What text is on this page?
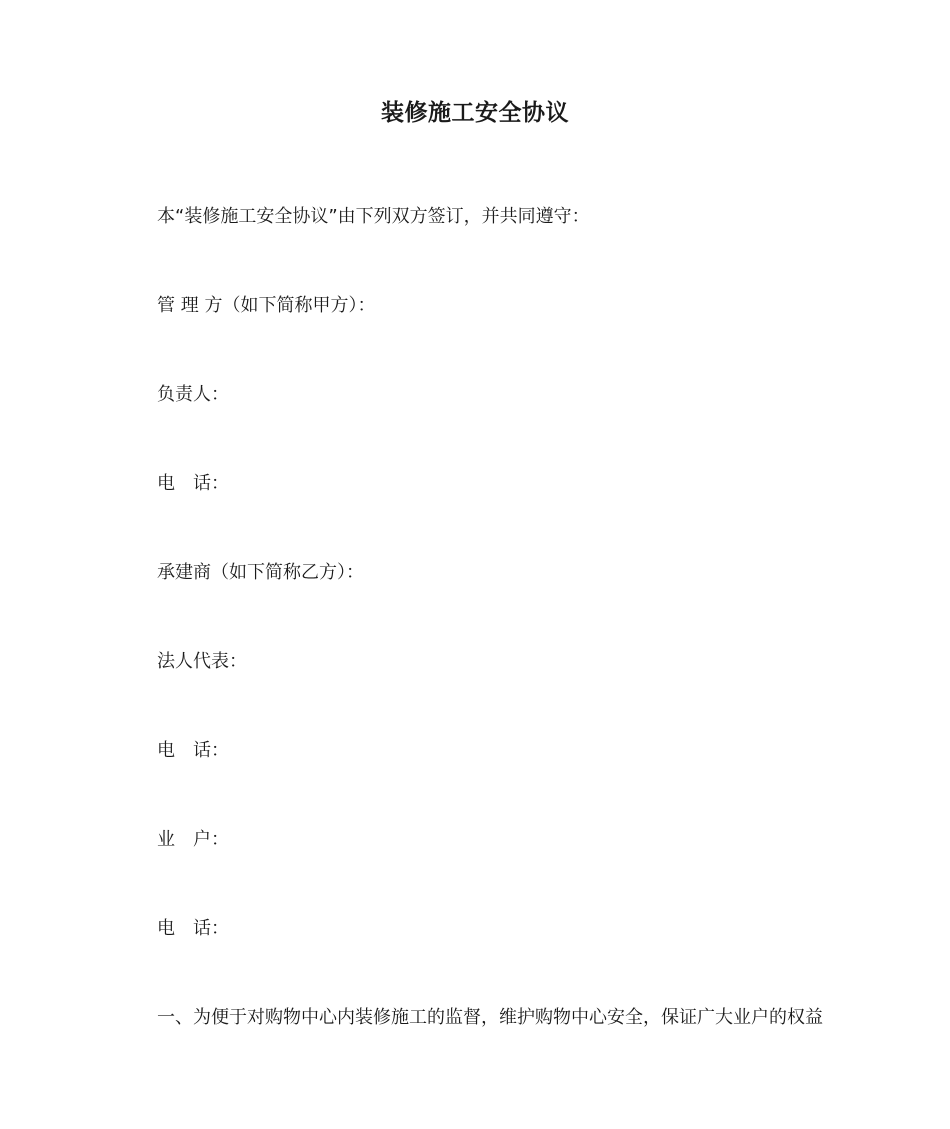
装修施工安全协议
本“装修施工安全协议”由下列双方签订，并共同遵守：
管 理 方（如下简称甲方）：
负责人：
电　话：
承建商（如下简称乙方）：
法人代表：
电　话：
业　户：
电　话：
一、为便于对购物中心内装修施工的监督，维护购物中心安全，保证广大业户的权益
